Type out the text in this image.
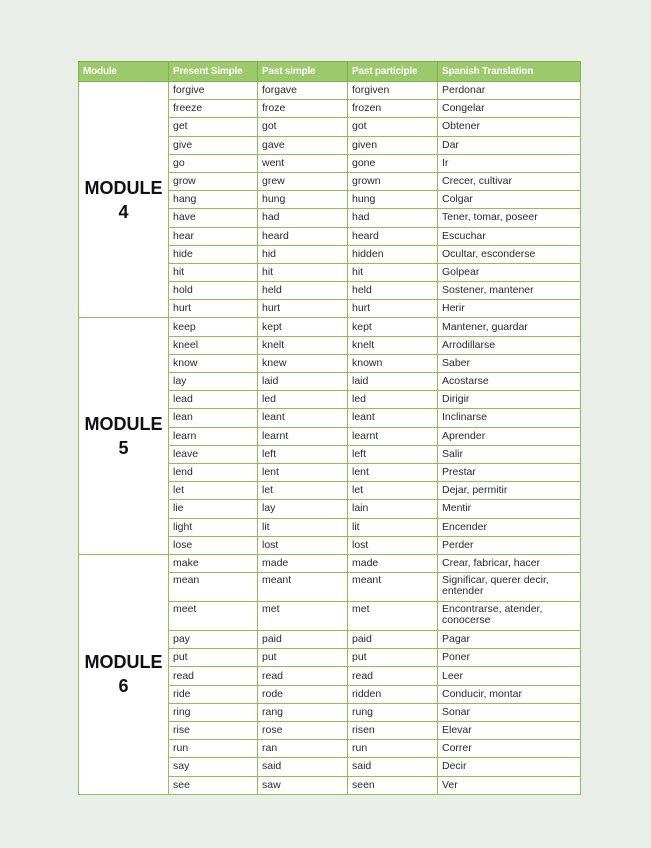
Module	Present Simple	Past simple	Past participle	Spanish Translation

MODULE
4	forgive	forgave	forgiven	Perdonar
	freeze	froze	frozen	Congelar
	get	got	got	Obtener
	give	gave	given	Dar
	go	went	gone	Ir
	grow	grew	grown	Crecer, cultivar
	hang	hung	hung	Colgar
	have	had	had	Tener, tomar, poseer
	hear	heard	heard	Escuchar
	hide	hid	hidden	Ocultar, esconderse
	hit	hit	hit	Golpear
	hold	held	held	Sostener, mantener
	hurt	hurt	hurt	Herir

MODULE
5	keep	kept	kept	Mantener, guardar
	kneel	knelt	knelt	Arrodillarse
	know	knew	known	Saber
	lay	laid	laid	Acostarse
	lead	led	led	Dirigir
	lean	leant	leant	Inclinarse
	learn	learnt	learnt	Aprender
	leave	left	left	Salir
	lend	lent	lent	Prestar
	let	let	let	Dejar, permitir
	lie	lay	lain	Mentir
	light	lit	lit	Encender
	lose	lost	lost	Perder

MODULE
6	make	made	made	Crear, fabricar, hacer
	mean	meant	meant	Significar, querer decir, entender
	meet	met	met	Encontrarse, atender, conocerse
	pay	paid	paid	Pagar
	put	put	put	Poner
	read	read	read	Leer
	ride	rode	ridden	Conducir, montar
	ring	rang	rung	Sonar
	rise	rose	risen	Elevar
	run	ran	run	Correr
	say	said	said	Decir
	see	saw	seen	Ver
